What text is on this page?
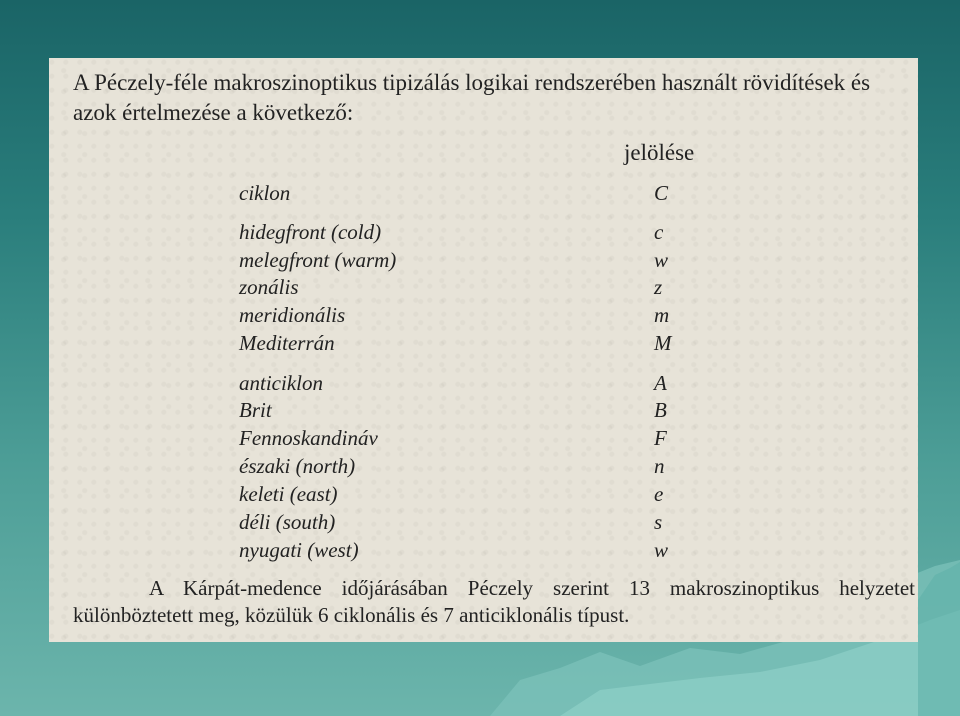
A Péczely-féle makroszinoptikus tipizálás logikai rendszerében használt rövidítések és azok értelmezése a következő:

jelölése
ciklon	C
hidegfront (cold)	c
melegfront (warm)	w
zonális	z
meridionális	m
Mediterrán	M
anticiklon	A
Brit	B
Fennoskandináv	F
északi (north)	n
keleti (east)	e
déli (south)	s
nyugati (west)	w

A Kárpát-medence időjárásában Péczely szerint 13 makroszinoptikus helyzetet különböztetett meg, közülük 6 ciklonális és 7 anticiklonális típust.
